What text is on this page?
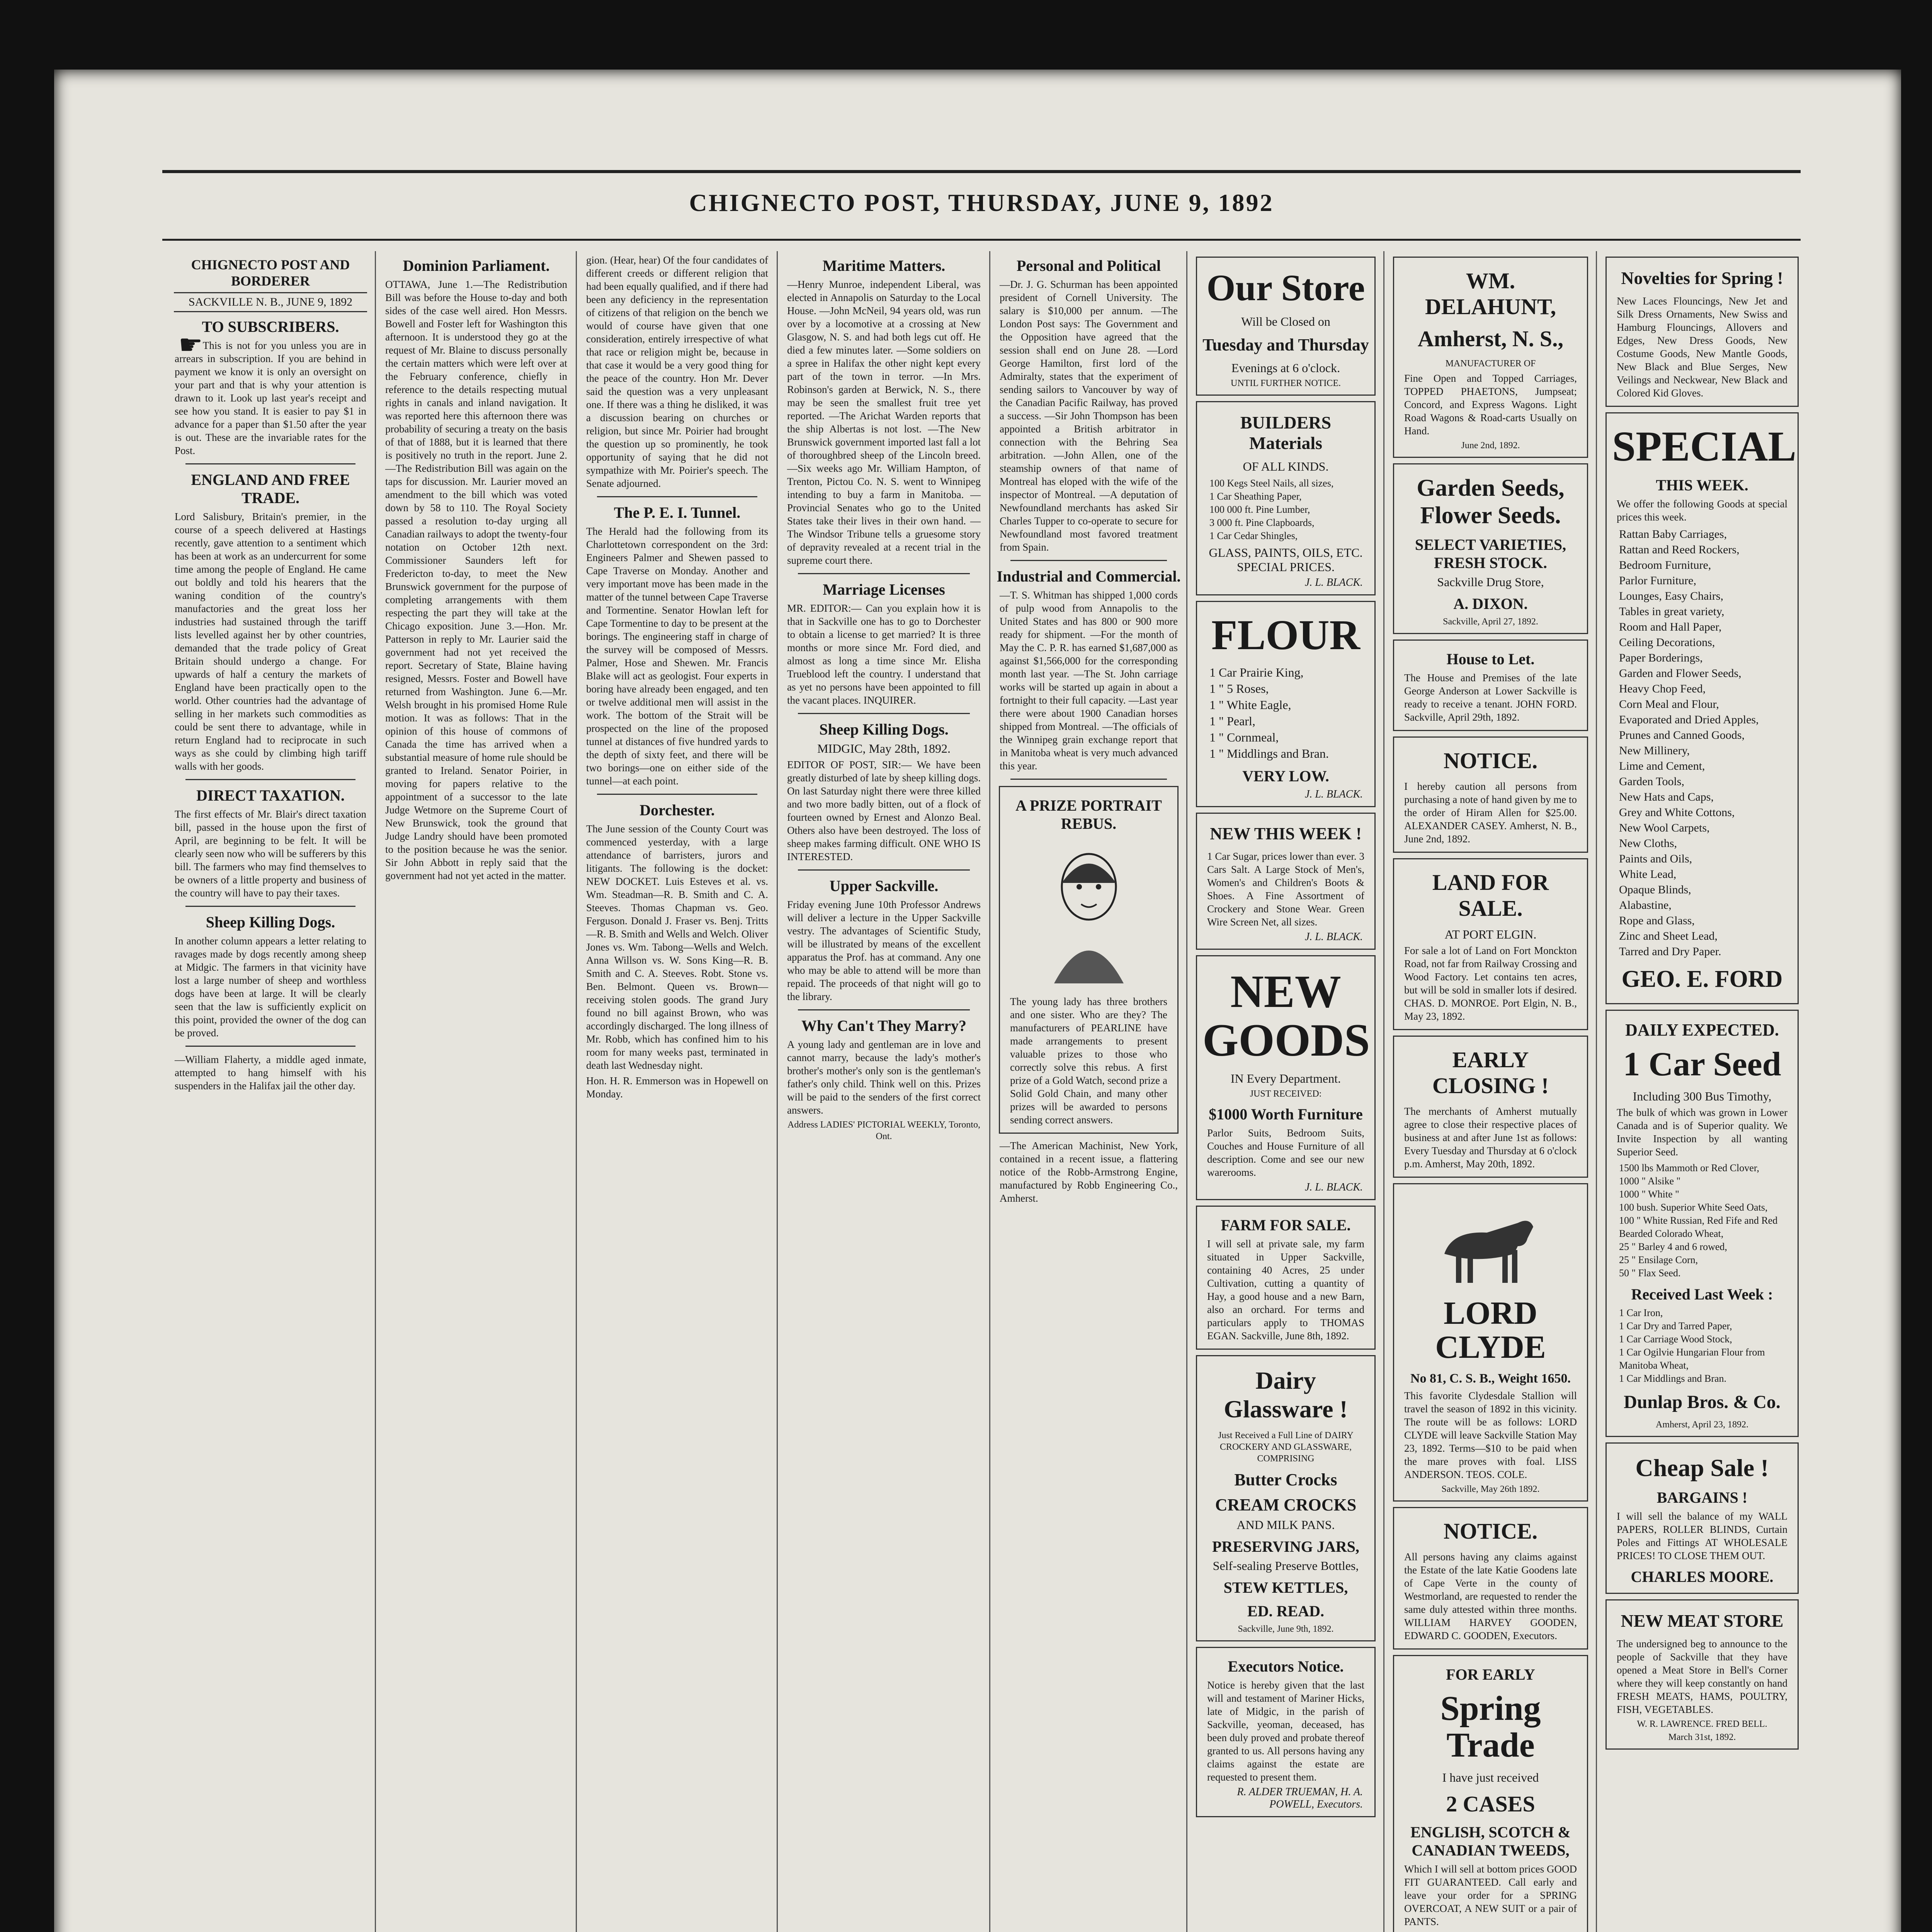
CHIGNECTO POST, THURSDAY, JUNE 9, 1892
CHIGNECTO POST AND BORDERER
SACKVILLE N. B., JUNE 9, 1892
TO SUBSCRIBERS.
☛ This is not for you unless you are in arrears in subscription. If you are behind in payment we know it is only an oversight on your part and that is why your attention is drawn to it. Look up last year's receipt and see how you stand. It is easier to pay $1 in advance for a paper than $1.50 after the year is out. These are the invariable rates for the Post.
ENGLAND AND FREE TRADE.
Lord Salisbury, Britain's premier, in the course of a speech delivered at Hastings recently, gave attention to a sentiment which has been at work as an undercurrent for some time among the people of England. He came out boldly and told his hearers that the waning condition of the country's manufactories and the great loss her industries had sustained through the tariff lists levelled against her by other countries, demanded that the trade policy of Great Britain should undergo a change. For upwards of half a century the markets of England have been practically open to the world. Other countries had the advantage of selling in her markets such commodities as could be sent there to advantage, while in return England had to reciprocate in such ways as she could by climbing high tariff walls with her goods.
DIRECT TAXATION.
The first effects of Mr. Blair's direct taxation bill, passed in the house upon the first of April, are beginning to be felt. It will be clearly seen now who will be sufferers by this bill. The farmers who may find themselves to be owners of a little property and business of the country will have to pay their taxes.
Sheep Killing Dogs.
In another column appears a letter relating to ravages made by dogs recently among sheep at Midgic. The farmers in that vicinity have lost a large number of sheep and worthless dogs have been at large. It will be clearly seen that the law is sufficiently explicit on this point, provided the owner of the dog can be proved.
—William Flaherty, a middle aged inmate, attempted to hang himself with his suspenders in the Halifax jail the other day.
Dominion Parliament.
OTTAWA, June 1.—The Redistribution Bill was before the House to-day and both sides of the case well aired. Hon Messrs. Bowell and Foster left for Washington this afternoon. It is understood they go at the request of Mr. Blaine to discuss personally the certain matters which were left over at the February conference, chiefly in reference to the details respecting mutual rights in canals and inland navigation. It was reported here this afternoon there was probability of securing a treaty on the basis of that of 1888, but it is learned that there is positively no truth in the report. June 2.—The Redistribution Bill was again on the taps for discussion. Mr. Laurier moved an amendment to the bill which was voted down by 58 to 110. The Royal Society passed a resolution to-day urging all Canadian railways to adopt the twenty-four notation on October 12th next. Commissioner Saunders left for Fredericton to-day, to meet the New Brunswick government for the purpose of completing arrangements with them respecting the part they will take at the Chicago exposition. June 3.—Hon. Mr. Patterson in reply to Mr. Laurier said the government had not yet received the report. Secretary of State, Blaine having resigned, Messrs. Foster and Bowell have returned from Washington. June 6.—Mr. Welsh brought in his promised Home Rule motion. It was as follows: That in the opinion of this house of commons of Canada the time has arrived when a substantial measure of home rule should be granted to Ireland. Senator Poirier, in moving for papers relative to the appointment of a successor to the late Judge Wetmore on the Supreme Court of New Brunswick, took the ground that Judge Landry should have been promoted to the position because he was the senior. Sir John Abbott in reply said that the government had not yet acted in the matter.
gion. (Hear, hear) Of the four candidates of different creeds or different religion that had been equally qualified, and if there had been any deficiency in the representation of citizens of that religion on the bench we would of course have given that one consideration, entirely irrespective of what that race or religion might be, because in that case it would be a very good thing for the peace of the country. Hon Mr. Dever said the question was a very unpleasant one. If there was a thing he disliked, it was a discussion bearing on churches or religion, but since Mr. Poirier had brought the question up so prominently, he took opportunity of saying that he did not sympathize with Mr. Poirier's speech. The Senate adjourned.
The P. E. I. Tunnel.
The Herald had the following from its Charlottetown correspondent on the 3rd: Engineers Palmer and Shewen passed to Cape Traverse on Monday. Another and very important move has been made in the matter of the tunnel between Cape Traverse and Tormentine. Senator Howlan left for Cape Tormentine to day to be present at the borings. The engineering staff in charge of the survey will be composed of Messrs. Palmer, Hose and Shewen. Mr. Francis Blake will act as geologist. Four experts in boring have already been engaged, and ten or twelve additional men will assist in the work. The bottom of the Strait will be prospected on the line of the proposed tunnel at distances of five hundred yards to the depth of sixty feet, and there will be two borings—one on either side of the tunnel—at each point.
Dorchester.
The June session of the County Court was commenced yesterday, with a large attendance of barristers, jurors and litigants. The following is the docket: NEW DOCKET. Luis Esteves et al. vs. Wm. Steadman—R. B. Smith and C. A. Steeves. Thomas Chapman vs. Geo. Ferguson. Donald J. Fraser vs. Benj. Tritts—R. B. Smith and Wells and Welch. Oliver Jones vs. Wm. Tabong—Wells and Welch. Anna Willson vs. W. Sons King—R. B. Smith and C. A. Steeves. Robt. Stone vs. Ben. Belmont. Queen vs. Brown—receiving stolen goods. The grand Jury found no bill against Brown, who was accordingly discharged. The long illness of Mr. Robb, which has confined him to his room for many weeks past, terminated in death last Wednesday night.
Hon. H. R. Emmerson was in Hopewell on Monday.
Maritime Matters.
—Henry Munroe, independent Liberal, was elected in Annapolis on Saturday to the Local House. —John McNeil, 94 years old, was run over by a locomotive at a crossing at New Glasgow, N. S. and had both legs cut off. He died a few minutes later. —Some soldiers on a spree in Halifax the other night kept every part of the town in terror. —In Mrs. Robinson's garden at Berwick, N. S., there may be seen the smallest fruit tree yet reported. —The Arichat Warden reports that the ship Albertas is not lost. —The New Brunswick government imported last fall a lot of thoroughbred sheep of the Lincoln breed. —Six weeks ago Mr. William Hampton, of Trenton, Pictou Co. N. S. went to Winnipeg intending to buy a farm in Manitoba. —Provincial Senates who go to the United States take their lives in their own hand. —The Windsor Tribune tells a gruesome story of depravity revealed at a recent trial in the supreme court there.
Marriage Licenses
MR. EDITOR:— Can you explain how it is that in Sackville one has to go to Dorchester to obtain a license to get married? It is three months or more since Mr. Ford died, and almost as long a time since Mr. Elisha Trueblood left the country. I understand that as yet no persons have been appointed to fill the vacant places. INQUIRER.
Sheep Killing Dogs.
MIDGIC, May 28th, 1892.
EDITOR OF POST, SIR:— We have been greatly disturbed of late by sheep killing dogs. On last Saturday night there were three killed and two more badly bitten, out of a flock of fourteen owned by Ernest and Alonzo Beal. Others also have been destroyed. The loss of sheep makes farming difficult. ONE WHO IS INTERESTED.
Upper Sackville.
Friday evening June 10th Professor Andrews will deliver a lecture in the Upper Sackville vestry. The advantages of Scientific Study, will be illustrated by means of the excellent apparatus the Prof. has at command. Any one who may be able to attend will be more than repaid. The proceeds of that night will go to the library.
Why Can't They Marry?
A young lady and gentleman are in love and cannot marry, because the lady's mother's brother's mother's only son is the gentleman's father's only child. Think well on this. Prizes will be paid to the senders of the first correct answers.
Address LADIES' PICTORIAL WEEKLY, Toronto, Ont.
Personal and Political
—Dr. J. G. Schurman has been appointed president of Cornell University. The salary is $10,000 per annum. —The London Post says: The Government and the Opposition have agreed that the session shall end on June 28. —Lord George Hamilton, first lord of the Admiralty, states that the experiment of sending sailors to Vancouver by way of the Canadian Pacific Railway, has proved a success. —Sir John Thompson has been appointed a British arbitrator in connection with the Behring Sea arbitration. —John Allen, one of the steamship owners of that name of Montreal has eloped with the wife of the inspector of Montreal. —A deputation of Newfoundland merchants has asked Sir Charles Tupper to co-operate to secure for Newfoundland most favored treatment from Spain.
Industrial and Commercial.
—T. S. Whitman has shipped 1,000 cords of pulp wood from Annapolis to the United States and has 800 or 900 more ready for shipment. —For the month of May the C. P. R. has earned $1,687,000 as against $1,566,000 for the corresponding month last year. —The St. John carriage works will be started up again in about a fortnight to their full capacity. —Last year there were about 1900 Canadian horses shipped from Montreal. —The officials of the Winnipeg grain exchange report that in Manitoba wheat is very much advanced this year.
A PRIZE PORTRAIT REBUS.
The young lady has three brothers and one sister. Who are they? The manufacturers of PEARLINE have made arrangements to present valuable prizes to those who correctly solve this rebus. A first prize of a Gold Watch, second prize a Solid Gold Chain, and many other prizes will be awarded to persons sending correct answers.
—The American Machinist, New York, contained in a recent issue, a flattering notice of the Robb-Armstrong Engine, manufactured by Robb Engineering Co., Amherst.
Our Store
Will be Closed on
Tuesday and Thursday
Evenings at 6 o'clock.
UNTIL FURTHER NOTICE.
BUILDERS Materials
OF ALL KINDS.
100 Kegs Steel Nails, all sizes,
1 Car Sheathing Paper,
100 000 ft. Pine Lumber,
3 000 ft. Pine Clapboards,
1 Car Cedar Shingles,
GLASS, PAINTS, OILS, ETC. SPECIAL PRICES.
J. L. BLACK.
FLOUR
1 Car Prairie King,
1 " 5 Roses,
1 " White Eagle,
1 " Pearl,
1 " Cornmeal,
1 " Middlings and Bran.
VERY LOW.
J. L. BLACK.
NEW THIS WEEK !
1 Car Sugar, prices lower than ever. 3 Cars Salt. A Large Stock of Men's, Women's and Children's Boots & Shoes. A Fine Assortment of Crockery and Stone Wear. Green Wire Screen Net, all sizes.
J. L. BLACK.
NEW GOODS
IN Every Department.
JUST RECEIVED:
$1000 Worth Furniture
Parlor Suits, Bedroom Suits, Couches and House Furniture of all description. Come and see our new warerooms.
J. L. BLACK.
FARM FOR SALE.
I will sell at private sale, my farm situated in Upper Sackville, containing 40 Acres, 25 under Cultivation, cutting a quantity of Hay, a good house and a new Barn, also an orchard. For terms and particulars apply to THOMAS EGAN. Sackville, June 8th, 1892.
Dairy Glassware !
Just Received a Full Line of DAIRY CROCKERY AND GLASSWARE, COMPRISING
Butter Crocks
CREAM CROCKS
AND MILK PANS.
PRESERVING JARS,
Self-sealing Preserve Bottles,
STEW KETTLES,
ED. READ.
Sackville, June 9th, 1892.
Executors Notice.
Notice is hereby given that the last will and testament of Mariner Hicks, late of Midgic, in the parish of Sackville, yeoman, deceased, has been duly proved and probate thereof granted to us. All persons having any claims against the estate are requested to present them.
R. ALDER TRUEMAN, H. A. POWELL, Executors.
WM. DELAHUNT,
Amherst, N. S.,
MANUFACTURER OF
Fine Open and Topped Carriages, TOPPED PHAETONS, Jumpseat; Concord, and Express Wagons. Light Road Wagons & Road-carts Usually on Hand.
June 2nd, 1892.
Garden Seeds, Flower Seeds.
SELECT VARIETIES, FRESH STOCK.
Sackville Drug Store,
A. DIXON.
Sackville, April 27, 1892.
House to Let.
The House and Premises of the late George Anderson at Lower Sackville is ready to receive a tenant. JOHN FORD. Sackville, April 29th, 1892.
NOTICE.
I hereby caution all persons from purchasing a note of hand given by me to the order of Hiram Allen for $25.00. ALEXANDER CASEY. Amherst, N. B., June 2nd, 1892.
LAND FOR SALE.
AT PORT ELGIN.
For sale a lot of Land on Fort Monckton Road, not far from Railway Crossing and Wood Factory. Let contains ten acres, but will be sold in smaller lots if desired. CHAS. D. MONROE. Port Elgin, N. B., May 23, 1892.
EARLY CLOSING !
The merchants of Amherst mutually agree to close their respective places of business at and after June 1st as follows: Every Tuesday and Thursday at 6 o'clock p.m. Amherst, May 20th, 1892.
LORD CLYDE
No 81, C. S. B., Weight 1650.
This favorite Clydesdale Stallion will travel the season of 1892 in this vicinity. The route will be as follows: LORD CLYDE will leave Sackville Station May 23, 1892. Terms—$10 to be paid when the mare proves with foal. LISS ANDERSON. TEOS. COLE.
Sackville, May 26th 1892.
NOTICE.
All persons having any claims against the Estate of the late Katie Goodens late of Cape Verte in the county of Westmorland, are requested to render the same duly attested within three months. WILLIAM HARVEY GOODEN, EDWARD C. GOODEN, Executors.
FOR EARLY
Spring Trade
I have just received
2 CASES
ENGLISH, SCOTCH & CANADIAN TWEEDS,
Which I will sell at bottom prices GOOD FIT GUARANTEED. Call early and leave your order for a SPRING OVERCOAT, A NEW SUIT or a pair of PANTS.
Novelties for Spring !
New Laces Flouncings, New Jet and Silk Dress Ornaments, New Swiss and Hamburg Flouncings, Allovers and Edges, New Dress Goods, New Costume Goods, New Mantle Goods, New Black and Blue Serges, New Veilings and Neckwear, New Black and Colored Kid Gloves.
SPECIAL
THIS WEEK.
We offer the following Goods at special prices this week.
Rattan Baby Carriages,
Rattan and Reed Rockers,
Bedroom Furniture,
Parlor Furniture,
Lounges, Easy Chairs,
Tables in great variety,
Room and Hall Paper,
Ceiling Decorations,
Paper Borderings,
Garden and Flower Seeds,
Heavy Chop Feed,
Corn Meal and Flour,
Evaporated and Dried Apples,
Prunes and Canned Goods,
New Millinery,
Lime and Cement,
Garden Tools,
New Hats and Caps,
Grey and White Cottons,
New Wool Carpets,
New Cloths,
Paints and Oils,
White Lead,
Opaque Blinds,
Alabastine,
Rope and Glass,
Zinc and Sheet Lead,
Tarred and Dry Paper.
GEO. E. FORD
DAILY EXPECTED.
1 Car Seed
Including 300 Bus Timothy,
The bulk of which was grown in Lower Canada and is of Superior quality. We Invite Inspection by all wanting Superior Seed.
1500 lbs Mammoth or Red Clover,
1000 " Alsike "
1000 " White "
100 bush. Superior White Seed Oats,
100 " White Russian, Red Fife and Red Bearded Colorado Wheat,
25 " Barley 4 and 6 rowed,
25 " Ensilage Corn,
50 " Flax Seed.
Received Last Week :
1 Car Iron,
1 Car Dry and Tarred Paper,
1 Car Carriage Wood Stock,
1 Car Ogilvie Hungarian Flour from Manitoba Wheat,
1 Car Middlings and Bran.
Dunlap Bros. & Co.
Amherst, April 23, 1892.
Cheap Sale !
BARGAINS !
I will sell the balance of my WALL PAPERS, ROLLER BLINDS, Curtain Poles and Fittings AT WHOLESALE PRICES! TO CLOSE THEM OUT.
CHARLES MOORE.
NEW MEAT STORE
The undersigned beg to announce to the people of Sackville that they have opened a Meat Store in Bell's Corner where they will keep constantly on hand FRESH MEATS, HAMS, POULTRY, FISH, VEGETABLES.
W. R. LAWRENCE. FRED BELL.
March 31st, 1892.
